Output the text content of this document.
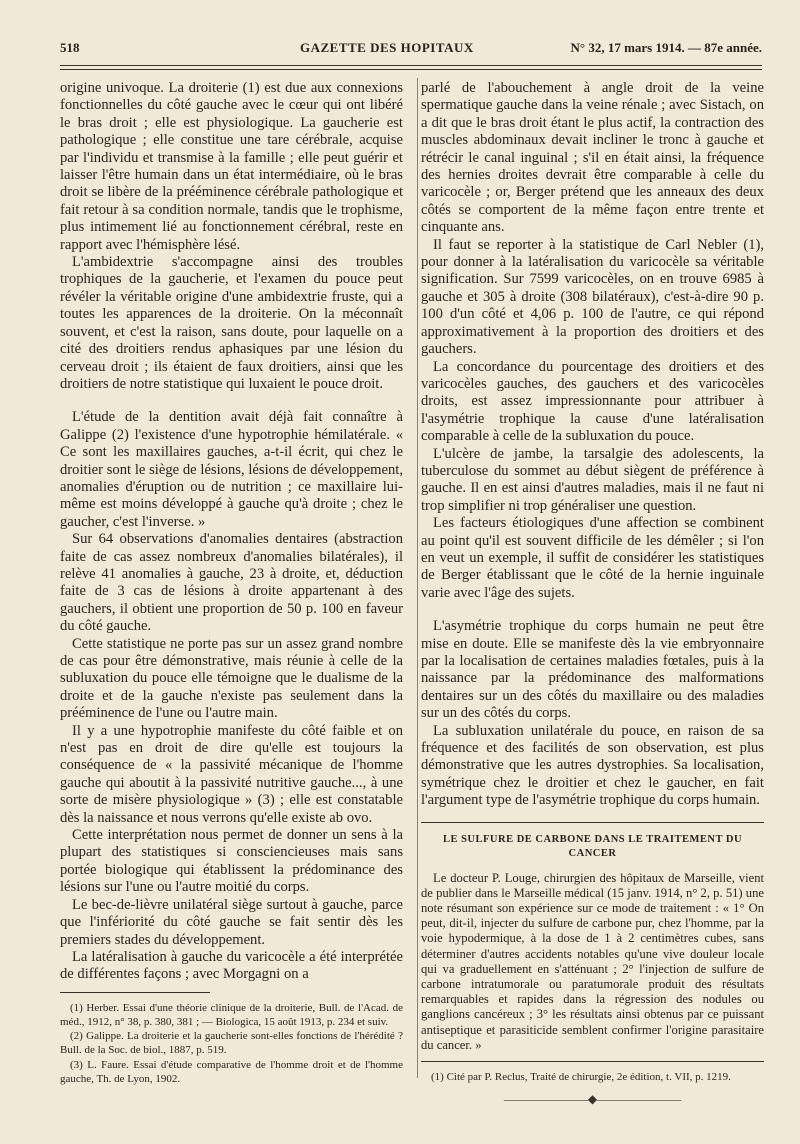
518	GAZETTE DES HOPITAUX	N° 32, 17 mars 1914. — 87e année.

origine univoque. La droiterie (1) est due aux connexions fonctionnelles du côté gauche avec le cœur qui ont libéré le bras droit ; elle est physiologique. La gaucherie est pathologique ; elle constitue une tare cérébrale, acquise par l'individu et transmise à la famille ; elle peut guérir et laisser l'être humain dans un état intermédiaire, où le bras droit se libère de la prééminence cérébrale pathologique et fait retour à sa condition normale, tandis que le trophisme, plus intimement lié au fonctionnement cérébral, reste en rapport avec l'hémisphère lésé.

L'ambidextrie s'accompagne ainsi des troubles trophiques de la gaucherie, et l'examen du pouce peut révéler la véritable origine d'une ambidextrie fruste, qui a toutes les apparences de la droiterie. On la méconnaît souvent, et c'est la raison, sans doute, pour laquelle on a cité des droitiers rendus aphasiques par une lésion du cerveau droit ; ils étaient de faux droitiers, ainsi que les droitiers de notre statistique qui luxaient le pouce droit.

L'étude de la dentition avait déjà fait connaître à Galippe (2) l'existence d'une hypotrophie hémilatérale. « Ce sont les maxillaires gauches, a-t-il écrit, qui chez le droitier sont le siège de lésions, lésions de développement, anomalies d'éruption ou de nutrition ; ce maxillaire lui-même est moins développé à gauche qu'à droite ; chez le gaucher, c'est l'inverse. »

Sur 64 observations d'anomalies dentaires (abstraction faite de cas assez nombreux d'anomalies bilatérales), il relève 41 anomalies à gauche, 23 à droite, et, déduction faite de 3 cas de lésions à droite appartenant à des gauchers, il obtient une proportion de 50 p. 100 en faveur du côté gauche.

Cette statistique ne porte pas sur un assez grand nombre de cas pour être démonstrative, mais réunie à celle de la subluxation du pouce elle témoigne que le dualisme de la droite et de la gauche n'existe pas seulement dans la prééminence de l'une ou l'autre main.

Il y a une hypotrophie manifeste du côté faible et on n'est pas en droit de dire qu'elle est toujours la conséquence de « la passivité mécanique de l'homme gauche qui aboutit à la passivité nutritive gauche..., à une sorte de misère physiologique » (3) ; elle est constatable dès la naissance et nous verrons qu'elle existe ab ovo.

Cette interprétation nous permet de donner un sens à la plupart des statistiques si consciencieuses mais sans portée biologique qui établissent la prédominance des lésions sur l'une ou l'autre moitié du corps.

Le bec-de-lièvre unilatéral siège surtout à gauche, parce que l'infériorité du côté gauche se fait sentir dès les premiers stades du développement.

La latéralisation à gauche du varicocèle a été interprétée de différentes façons ; avec Morgagni on a

(1) Herber. Essai d'une théorie clinique de la droiterie, Bull. de l'Acad. de méd., 1912, n° 38, p. 380, 381 ; — Biologica, 15 août 1913, p. 234 et suiv.

(2) Galippe. La droiterie et la gaucherie sont-elles fonctions de l'hérédité ? Bull. de la Soc. de biol., 1887, p. 519.

(3) L. Faure. Essai d'étude comparative de l'homme droit et de l'homme gauche, Th. de Lyon, 1902.

parlé de l'abouchement à angle droit de la veine spermatique gauche dans la veine rénale ; avec Sistach, on a dit que le bras droit étant le plus actif, la contraction des muscles abdominaux devait incliner le tronc à gauche et rétrécir le canal inguinal ; s'il en était ainsi, la fréquence des hernies droites devrait être comparable à celle du varicocèle ; or, Berger prétend que les anneaux des deux côtés se comportent de la même façon entre trente et cinquante ans.

Il faut se reporter à la statistique de Carl Nebler (1), pour donner à la latéralisation du varicocèle sa véritable signification. Sur 7599 varicocèles, on en trouve 6985 à gauche et 305 à droite (308 bilatéraux), c'est-à-dire 90 p. 100 d'un côté et 4,06 p. 100 de l'autre, ce qui répond approximativement à la proportion des droitiers et des gauchers.

La concordance du pourcentage des droitiers et des varicocèles gauches, des gauchers et des varicocèles droits, est assez impressionnante pour attribuer à l'asymétrie trophique la cause d'une latéralisation comparable à celle de la subluxation du pouce.

L'ulcère de jambe, la tarsalgie des adolescents, la tuberculose du sommet au début siègent de préférence à gauche. Il en est ainsi d'autres maladies, mais il ne faut ni trop simplifier ni trop généraliser une question.

Les facteurs étiologiques d'une affection se combinent au point qu'il est souvent difficile de les démêler ; si l'on en veut un exemple, il suffit de considérer les statistiques de Berger établissant que le côté de la hernie inguinale varie avec l'âge des sujets.

L'asymétrie trophique du corps humain ne peut être mise en doute. Elle se manifeste dès la vie embryonnaire par la localisation de certaines maladies fœtales, puis à la naissance par la prédominance des malformations dentaires sur un des côtés du maxillaire ou des maladies sur un des côtés du corps.

La subluxation unilatérale du pouce, en raison de sa fréquence et des facilités de son observation, est plus démonstrative que les autres dystrophies. Sa localisation, symétrique chez le droitier et chez le gaucher, en fait l'argument type de l'asymétrie trophique du corps humain.

LE SULFURE DE CARBONE DANS LE TRAITEMENT DU CANCER

Le docteur P. Louge, chirurgien des hôpitaux de Marseille, vient de publier dans le Marseille médical (15 janv. 1914, n° 2, p. 51) une note résumant son expérience sur ce mode de traitement : « 1° On peut, dit-il, injecter du sulfure de carbone pur, chez l'homme, par la voie hypodermique, à la dose de 1 à 2 centimètres cubes, sans déterminer d'autres accidents notables qu'une vive douleur locale qui va graduellement en s'atténuant ; 2° l'injection de sulfure de carbone intratumorale ou paratumorale produit des résultats remarquables et rapides dans la régression des nodules ou ganglions cancéreux ; 3° les résultats ainsi obtenus par ce puissant antiseptique et parasiticide semblent confirmer l'origine parasitaire du cancer. »

(1) Cité par P. Reclus, Traité de chirurgie, 2e édition, t. VII, p. 1219.

———————◆———————
